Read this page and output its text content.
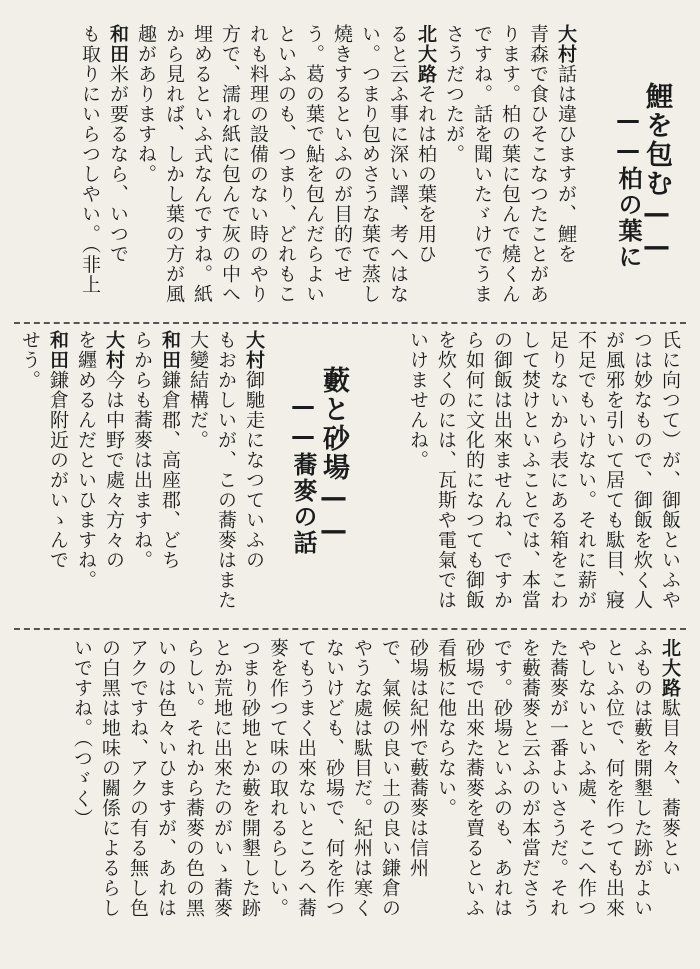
鯉を包む——
——柏の葉に
大村話は違ひますが、鯉を
青森で食ひそこなつたことがあ
ります。柏の葉に包んで燒くん
ですね。話を聞いたゞけでうま
さうだつたが。
北大路それは柏の葉を用ひ
ると云ふ事に深い譯、考へはな
い。つまり包めさうな葉で蒸し
燒きするといふのが目的でせ
う。葛の葉で鮎を包んだらよい
といふのも、つまり、どれもこ
れも料理の設備のない時のやり
方で、濡れ紙に包んで灰の中へ
埋めるといふ式なんですね。紙
から見れば、しかし葉の方が風
趣がありますね。
和田米が要るなら、いつで
も取りにいらつしやい。（非上
氏に向つて）が、御飯といふや
つは妙なもので、御飯を炊く人
が風邪を引いて居ても駄目、寢
不足でもいけない。それに薪が
足りないから表にある箱をこわ
して焚けといふことでは、本當
の御飯は出來ませんね、ですか
ら如何に文化的になつても御飯
を炊くのには、瓦斯や電氣では
いけませんね。
藪と砂場——
——蕎麥の話
大村御馳走になつていふの
もおかしいが、この蕎麥はまた
大變結構だ。
和田鎌倉郡、高座郡、どち
らからも蕎麥は出ますね。
大村今は中野で處々方々の
を纒めるんだといひますね。
和田鎌倉附近のがいゝんで
せう。
北大路駄目々々、蕎麥とい
ふものは藪を開墾した跡がよい
といふ位で、何を作つても出來
やしないといふ處、そこへ作つ
た蕎麥が一番よいさうだ。それ
を藪蕎麥と云ふのが本當ださう
です。砂場といふのも、あれは
砂場で出來た蕎麥を賣るといふ
看板に他ならない。
砂場は紀州で藪蕎麥は信州
で、氣候の良い土の良い鎌倉の
やうな處は駄目だ。紀州は寒く
ないけども、砂場で、何を作つ
てもうまく出來ないところへ蕎
麥を作つて味の取れるらしい。
つまり砂地とか藪を開墾した跡
とか荒地に出來たのがいゝ蕎麥
らしい。それから蕎麥の色の黑
いのは色々いひますが、あれは
アクですね、アクの有る無し色
の白黑は地味の關係によるらし
いですね。（つゞく）
